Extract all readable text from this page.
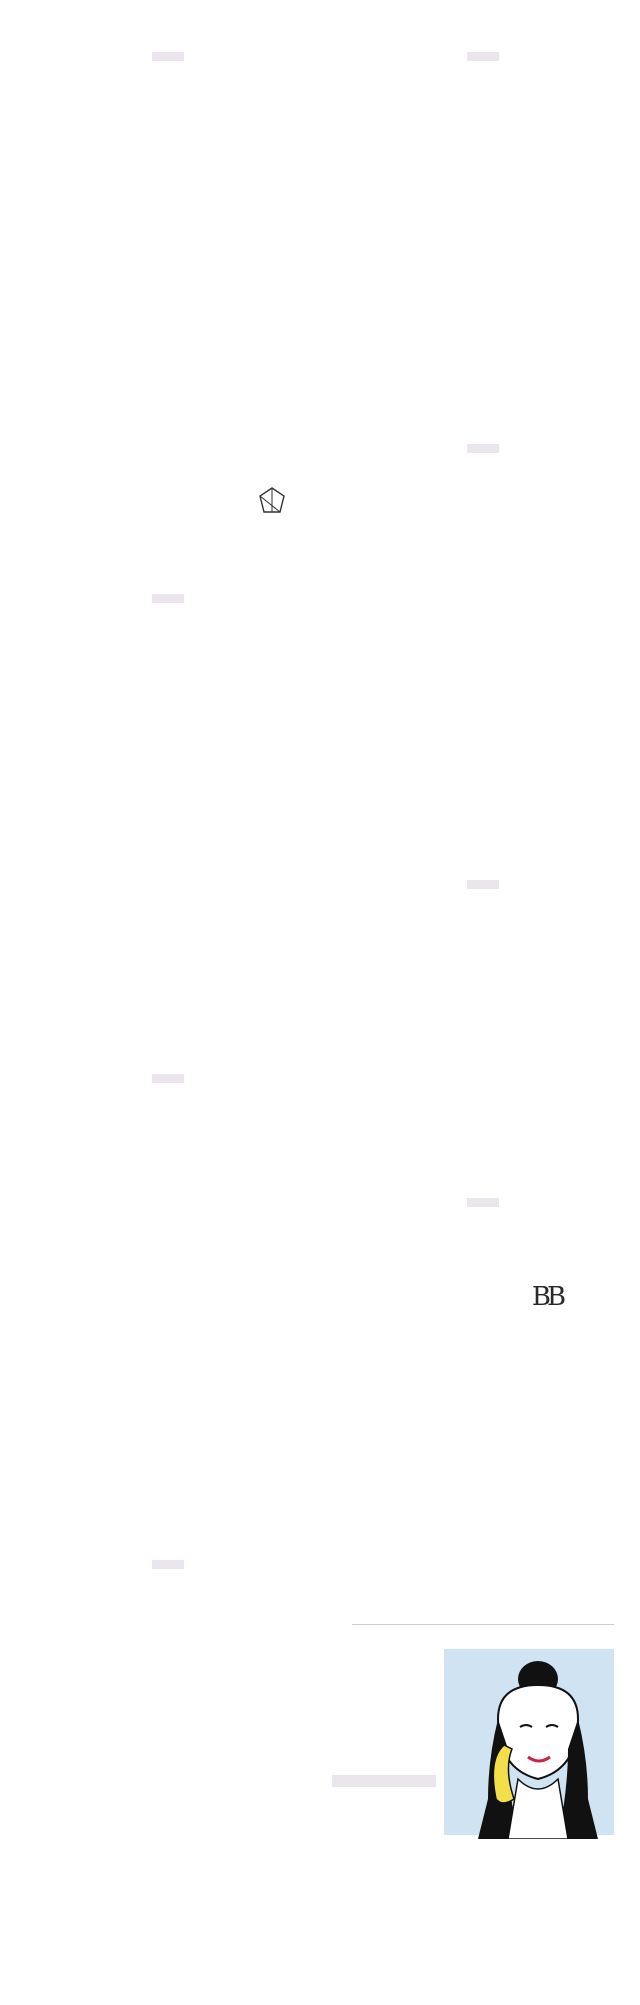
BB
